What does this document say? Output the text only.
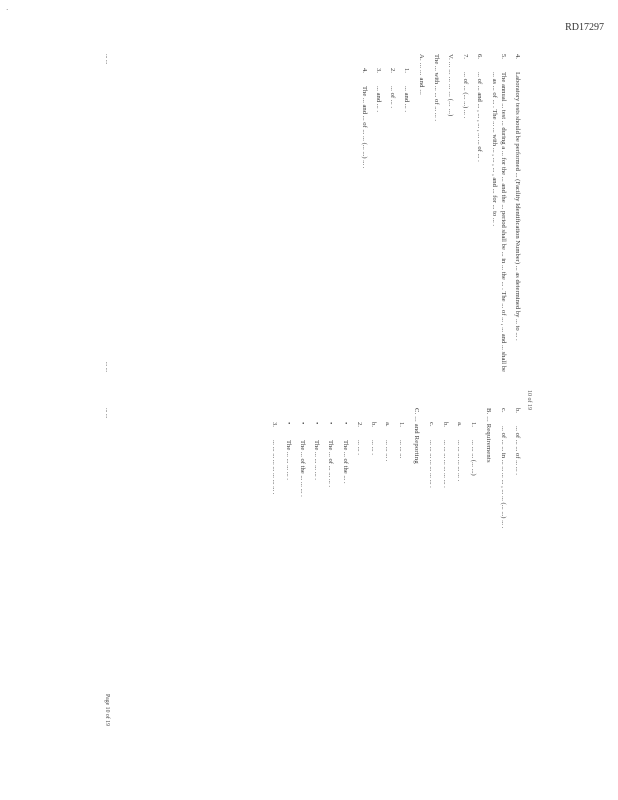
RD17297
·
10 of 19
4.
Laboratory tests should be performed ... (Facility Identification Number) ... as determined by ... to ... .
5.
The annual ... test ... during a ... for the ... and the ... period shall be ... in ... the ... . The ... of ... , ... and ... shall be ... as ... of ... . The ... ... with ... , ... , ... , and ... for ... to ... .
6.
... of ... and ... , ... , ... , ... ... of ... .
7.
... of ... (... ...) ... .
V. ... ... ... ... ... (... ...)

The ... with ... ... of ... ... .

A. ... ... and ...
1.
... and ... .
2.
... of ... .
3.
... and ... .
4.
The ... and ... of ... ... (... ...) ... .
... ...
... ...
b.
... of ... ... of ... ... .
c.
... of ... ... in ... ... ... ... , ... ... (... ...) ... .
B. ... Requirements
1.
... ... ... (... ...)
a.
... ... ... ... ... ... .
b.
... ... ... ... ... ... ... .
c.
... ... ... ... ... ... ... .
C. ... and Reporting
1.
... ... ...
a.
... ... ... .
b.
... ... .
2.
... ... .
•
The ... of the ... .
•
The ... of ... ... ... .
•
The ... ... ... ... .
•
The ... of the ... ... ... .
•
The ... ... ... ... .
3.
... ... ... ... ... ... ... ... .
... ...
Page 10 of 19
